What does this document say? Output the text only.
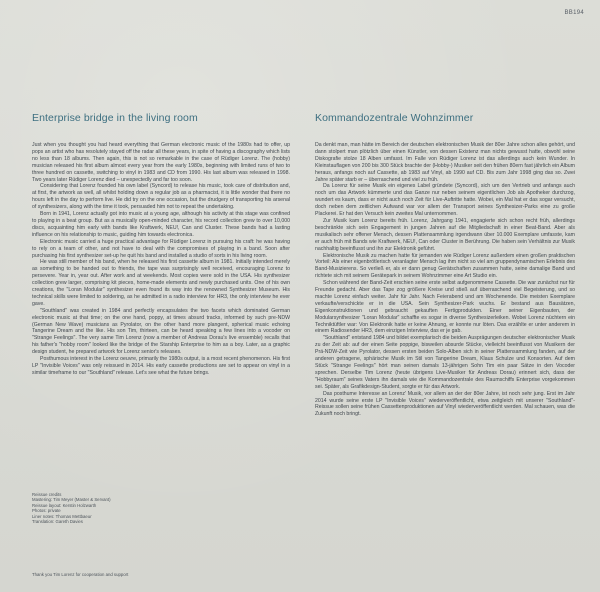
BB194
Enterprise bridge in the living room

Just when you thought you had heard everything that German electronic music of the 1980s had to offer, up pops an artist who has resolutely stayed off the radar all these years, in spite of having a discography which lists no less than 18 albums. Then again, this is not so remarkable in the case of Rüdiger Lorenz. The (hobby) musician released his first album almost every year from the early 1980s, beginning with limited runs of two to three hundred on cassette, switching to vinyl in 1983 and CD from 1990. His last album was released in 1998. Two years later Rüdiger Lorenz died – unexpectedly and far too soon.

Considering that Lorenz founded his own label (Syncord) to release his music, took care of distribution and, at first, the artwork as well, all whilst holding down a regular job as a pharmacist, it is little wonder that there no hours left in the day to perform live. He did try on the one occasion, but the drudgery of transporting his arsenal of synthesizers, along with the time it took, persuaded him not to repeat the undertaking.

Born in 1941, Lorenz actually got into music at a young age, although his activity at this stage was confined to playing in a beat group. But as a musically open-minded character, his record collection grew to over 10,000 discs, acquainting him early with bands like Kraftwerk, NEU!, Can and Cluster. These bands had a lasting influence on his relationship to music, guiding him towards electronica.

Electronic music carried a huge practical advantage for Rüdiger Lorenz in pursuing his craft: he was having to rely on a team of other, and not have to deal with the compromises of playing in a band. Soon after purchasing his first synthesizer set-up he quit his band and installed a studio of sorts in his living room.

He was still member of his band, when he released his first cassette album in 1981. Initially intended merely as something to be handed out to friends, the tape was surprisingly well received, encouraging Lorenz to persevere. Year in, year out. After work and at weekends. Most copies were sold in the USA. His synthesizer collection grew larger, comprising kit pieces, home-made elements and newly purchased units. One of his own creations, the "Loran Modular" synthesizer even found its way into the renowned Synthesizer Museum. His technical skills were limited to soldering, as he admitted in a radio interview for HR3, the only interview he ever gave.

"Southland" was created in 1984 and perfectly encapsulates the two facets which dominated German electronic music at that time; on the one hand, poppy, at times absurd tracks, informed by such pre-NDW (German New Wave) musicians as Pyrolator, on the other hand more plangent, spherical music echoing Tangerine Dream and the like. His son Tim, thirteen, can be heard speaking a few lines into a vocoder on "Strange Feelings". The very same Tim Lorenz (now a member of Andreas Dorau's live ensemble) recalls that his father's "hobby room" looked like the bridge of the Starship Enterprise to him as a boy. Later, as a graphic design student, he prepared artwork for Lorenz senior's releases.

Posthumous interest in the Lorenz oeuvre, primarily the 1980s output, is a most recent phenomenon. His first LP "Invisible Voices" was only reissued in 2014. His early cassette productions are set to appear on vinyl in a similar timeframe to our "Southland" release. Let's see what the future brings.

Kommandozentrale Wohnzimmer

Da denkt man, man hätte im Bereich der deutschen elektronischen Musik der 80er Jahre schon alles gehört, und dann stolpert man plötzlich über einen Künstler, von dessen Existenz man nichts gewusst hatte, obwohl seine Diskografie stolze 18 Alben umfasst. Im Falle von Rüdiger Lorenz ist das allerdings auch kein Wunder. In Kleinstauflagen von 200 bis 300 Stück brachte der (Hobby-) Musiker seit den frühen 80ern fast jährlich ein Album heraus, anfangs noch auf Cassette, ab 1983 auf Vinyl, ab 1990 auf CD. Bis zum Jahr 1998 ging das so. Zwei Jahre später starb er – überraschend und viel zu früh.

Da Lorenz für seine Musik ein eigenes Label gründete (Syncord), sich um den Vertrieb und anfangs auch noch um das Artwork kümmerte und das Ganze nur neben seinem eigentlichen Job als Apotheker durchzog, wundert es kaum, dass er nicht auch noch Zeit für Live-Auftritte hatte. Wobei, ein Mal hat er das sogar versucht, doch neben dem zeitlichen Aufwand war vor allem der Transport seines Synthesizer-Parks eine zu große Plackerei. Er hat den Versuch kein zweites Mal unternommen.

Zur Musik kam Lorenz bereits früh. Lorenz, Jahrgang 1941, engagierte sich schon recht früh, allerdings beschränkte sich sein Engagement in jungen Jahren auf die Mitgliedschaft in einer Beat-Band. Aber als musikalisch sehr offener Mensch, dessen Plattensammlung irgendwann über 10.000 Exemplare umfasste, kam er auch früh mit Bands wie Kraftwerk, NEU!, Can oder Cluster in Berührung. Die haben sein Verhältnis zur Musik nachhaltig beeinflusst und ihn zur Elektronik geführt.

Elektronische Musik zu machen hatte für jemanden wie Rüdiger Lorenz außerdem einen großen praktischen Vorteil: Als einer eigenbrötlerisch veranlagter Mensch lag ihm nicht so viel am gruppendynamischen Erlebnis des Band-Musizierens. So verließ er, als er dann genug Gerätschaften zusammen hatte, seine damalige Band und richtete sich mit seinem Gerätepark in seinem Wohnzimmer eine Art Studio ein.

Schon während der Band-Zeit erschien seine erste selbst aufgenommene Cassette. Die war zunächst nur für Freunde gedacht. Aber das Tape zog größere Kreise und stieß auf überraschend viel Begeisterung, und so machte Lorenz einfach weiter. Jahr für Jahr. Nach Feierabend und am Wochenende. Die meisten Exemplare verkaufte/verschickte er in die USA. Sein Synthesizer-Park wuchs. Er bestand aus Bausätzen, Eigenkonstruktionen und gebraucht gekauften Fertigprodukten. Einer seiner Eigenbauten, der Modularsynthesizer "Loran Modular" schaffte es sogar in diverse Synthesizerleiken. Wobei Lorenz nüchtern ein Techniktüftler war: Von Elektronik hatte er keine Ahnung, er konnte nur löten. Das erzählte er unter anderem in einem Radiosender HR3, dem einzigen Interview, das er je gab.

"Southland" entstand 1984 und bildet exemplarisch die beiden Ausprägungen deutscher elektronischer Musik zu der Zeit ab: auf der einen Seite poppige, bisweilen absurde Stücke, vielleicht beeinflusst von Musikern der Prä-NDW-Zeit wie Pyrolator, dessen ersten beiden Solo-Alben sich in seiner Plattensammlung fanden, auf der anderen getragene, sphärische Musik im Stil von Tangerine Dream, Klaus Schulze und Konsorten. Auf dem Stück "Strange Feelings" hört man seinen damals 13-jährigen Sohn Tim ein paar Sätze in den Vocoder sprechen. Derselbe Tim Lorenz (heute übrigens Live-Musiker für Andreas Dorau) erinnert sich, dass der "Hobbyraum" seines Vaters ihn damals wie die Kommandozentrale des Raumschiffs Enterprise vorgekommen sei. Später, als Grafikdesign-Student, sorgte er für das Artwork.

Das posthume Interesse an Lorenz' Musik, vor allem an der der 80er Jahre, ist noch sehr jung. Erst im Jahr 2014 wurde seine erste LP "Invisible Voices" wiederveröffentlicht, etwa zeitgleich mit unserer "Southland"-Reissue sollen seine frühen Cassettenproduktionen auf Vinyl wiederveröffentlicht werden. Mal schauen, was die Zukunft noch bringt.

Reissue credits
Mastering: Tim Meyer (Master & Servant)
Reissue layout: Kerstin Holzwarth
Photos: private
Liner notes: Thomas Mettbaeur
Translation: Gareth Davies
Thank you Tim Lorenz for cooperation and support
